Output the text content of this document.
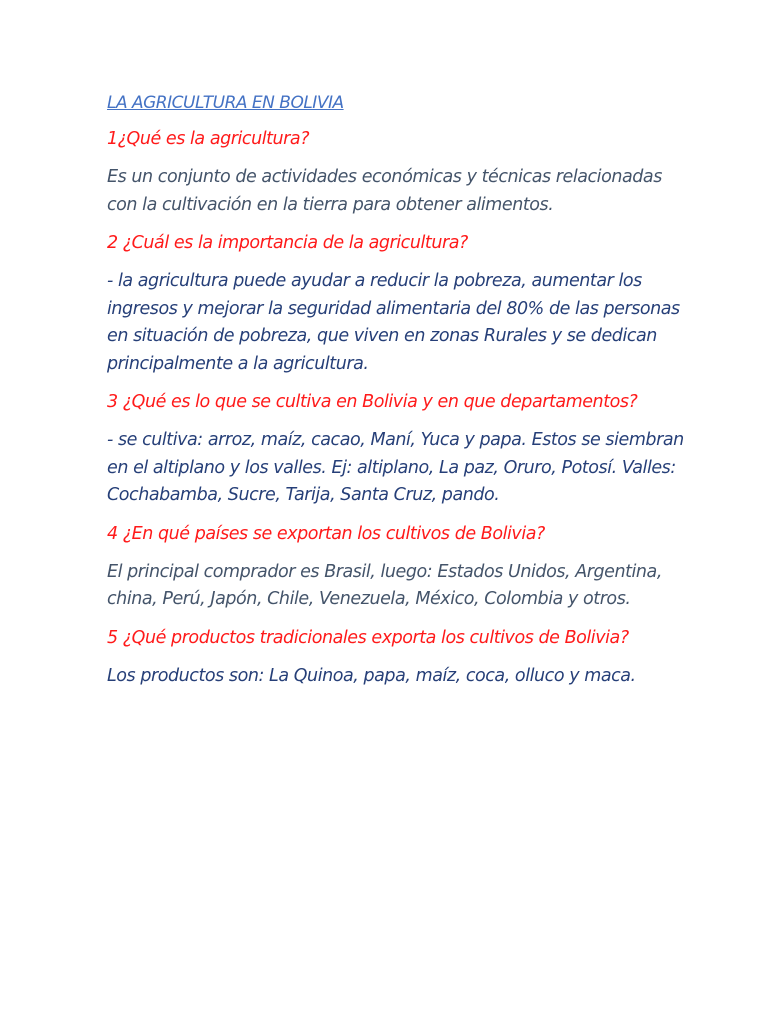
LA AGRICULTURA EN BOLIVIA

1¿Qué es la agricultura?

Es un conjunto de actividades económicas y técnicas relacionadas con la cultivación en la tierra para obtener alimentos.

2 ¿Cuál es la importancia de la agricultura?

- la agricultura puede ayudar a reducir la pobreza, aumentar los ingresos y mejorar la seguridad alimentaria del 80% de las personas en situación de pobreza, que viven en zonas Rurales y se dedican principalmente a la agricultura.

3 ¿Qué es lo que se cultiva en Bolivia y en que departamentos?

- se cultiva: arroz, maíz, cacao, Maní, Yuca y papa. Estos se siembran en el altiplano y los valles. Ej: altiplano, La paz, Oruro, Potosí. Valles: Cochabamba, Sucre, Tarija, Santa Cruz, pando.

4 ¿En qué países se exportan los cultivos de Bolivia?

El principal comprador es Brasil, luego: Estados Unidos, Argentina, china, Perú, Japón, Chile, Venezuela, México, Colombia y otros.

5 ¿Qué productos tradicionales exporta los cultivos de Bolivia?

Los productos son: La Quinoa, papa, maíz, coca, olluco y maca.
